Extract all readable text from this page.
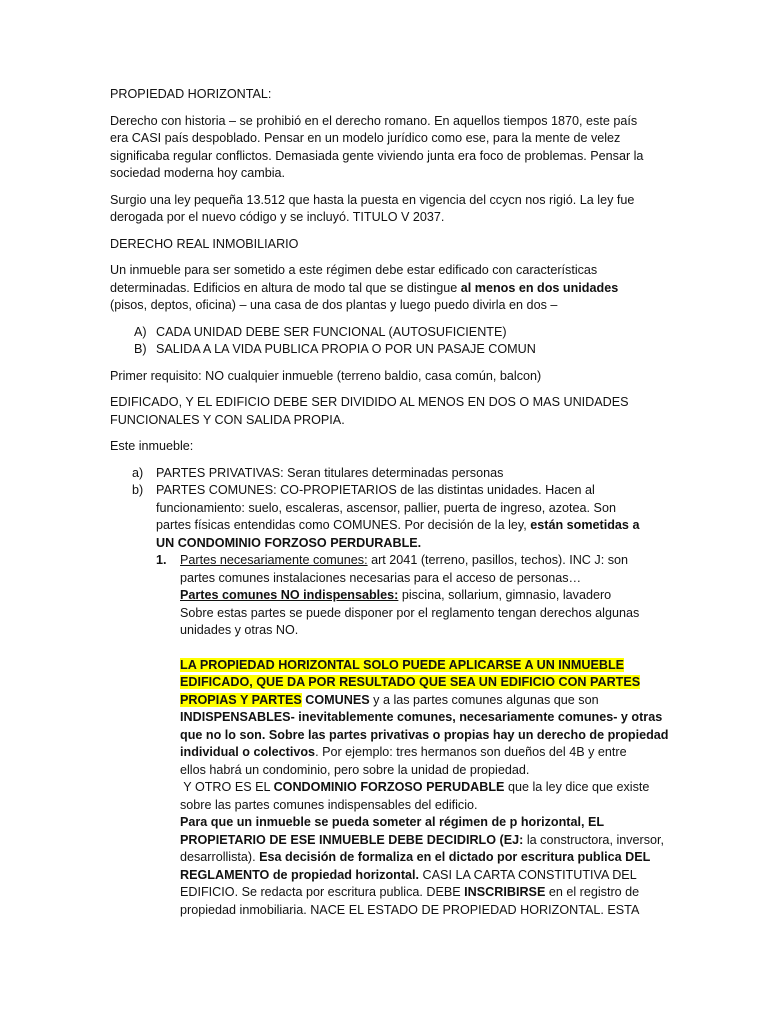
PROPIEDAD HORIZONTAL:

Derecho con historia – se prohibió en el derecho romano. En aquellos tiempos 1870, este país
era CASI país despoblado. Pensar en un modelo jurídico como ese, para la mente de velez
significaba regular conflictos. Demasiada gente viviendo junta era foco de problemas. Pensar la
sociedad moderna hoy cambia.

Surgio una ley pequeña 13.512 que hasta la puesta en vigencia del ccycn nos rigió. La ley fue
derogada por el nuevo código y se incluyó. TITULO V 2037.

DERECHO REAL INMOBILIARIO

Un inmueble para ser sometido a este régimen debe estar edificado con características
determinadas. Edificios en altura de modo tal que se distingue al menos en dos unidades
(pisos, deptos, oficina) – una casa de dos plantas y luego puedo divirla en dos –

A) CADA UNIDAD DEBE SER FUNCIONAL (AUTOSUFICIENTE)
B) SALIDA A LA VIDA PUBLICA PROPIA O POR UN PASAJE COMUN

Primer requisito: NO cualquier inmueble (terreno baldio, casa común, balcon)

EDIFICADO, Y EL EDIFICIO DEBE SER DIVIDIDO AL MENOS EN DOS O MAS UNIDADES
FUNCIONALES Y CON SALIDA PROPIA.

Este inmueble:

a) PARTES PRIVATIVAS: Seran titulares determinadas personas
b) PARTES COMUNES: CO-PROPIETARIOS de las distintas unidades. Hacen al
funcionamiento: suelo, escaleras, ascensor, pallier, puerta de ingreso, azotea. Son
partes físicas entendidas como COMUNES. Por decisión de la ley, están sometidas a
UN CONDOMINIO FORZOSO PERDURABLE.
1. Partes necesariamente comunes: art 2041 (terreno, pasillos, techos). INC J: son
partes comunes instalaciones necesarias para el acceso de personas…
Partes comunes NO indispensables: piscina, sollarium, gimnasio, lavadero
Sobre estas partes se puede disponer por el reglamento tengan derechos algunas
unidades y otras NO.
LA PROPIEDAD HORIZONTAL SOLO PUEDE APLICARSE A UN INMUEBLE
EDIFICADO, QUE DA POR RESULTADO QUE SEA UN EDIFICIO CON PARTES
PROPIAS Y PARTES COMUNES y a las partes comunes algunas que son
INDISPENSABLES- inevitablemente comunes, necesariamente comunes- y otras
que no lo son. Sobre las partes privativas o propias hay un derecho de propiedad
individual o colectivos. Por ejemplo: tres hermanos son dueños del 4B y entre
ellos habrá un condominio, pero sobre la unidad de propiedad.
Y OTRO ES EL CONDOMINIO FORZOSO PERUDABLE que la ley dice que existe
sobre las partes comunes indispensables del edificio.
Para que un inmueble se pueda someter al régimen de p horizontal, EL
PROPIETARIO DE ESE INMUEBLE DEBE DECIDIRLO (EJ: la constructora, inversor,
desarrollista). Esa decisión de formaliza en el dictado por escritura publica DEL
REGLAMENTO de propiedad horizontal. CASI LA CARTA CONSTITUTIVA DEL
EDIFICIO. Se redacta por escritura publica. DEBE INSCRIBIRSE en el registro de
propiedad inmobiliaria. NACE EL ESTADO DE PROPIEDAD HORIZONTAL. ESTA
